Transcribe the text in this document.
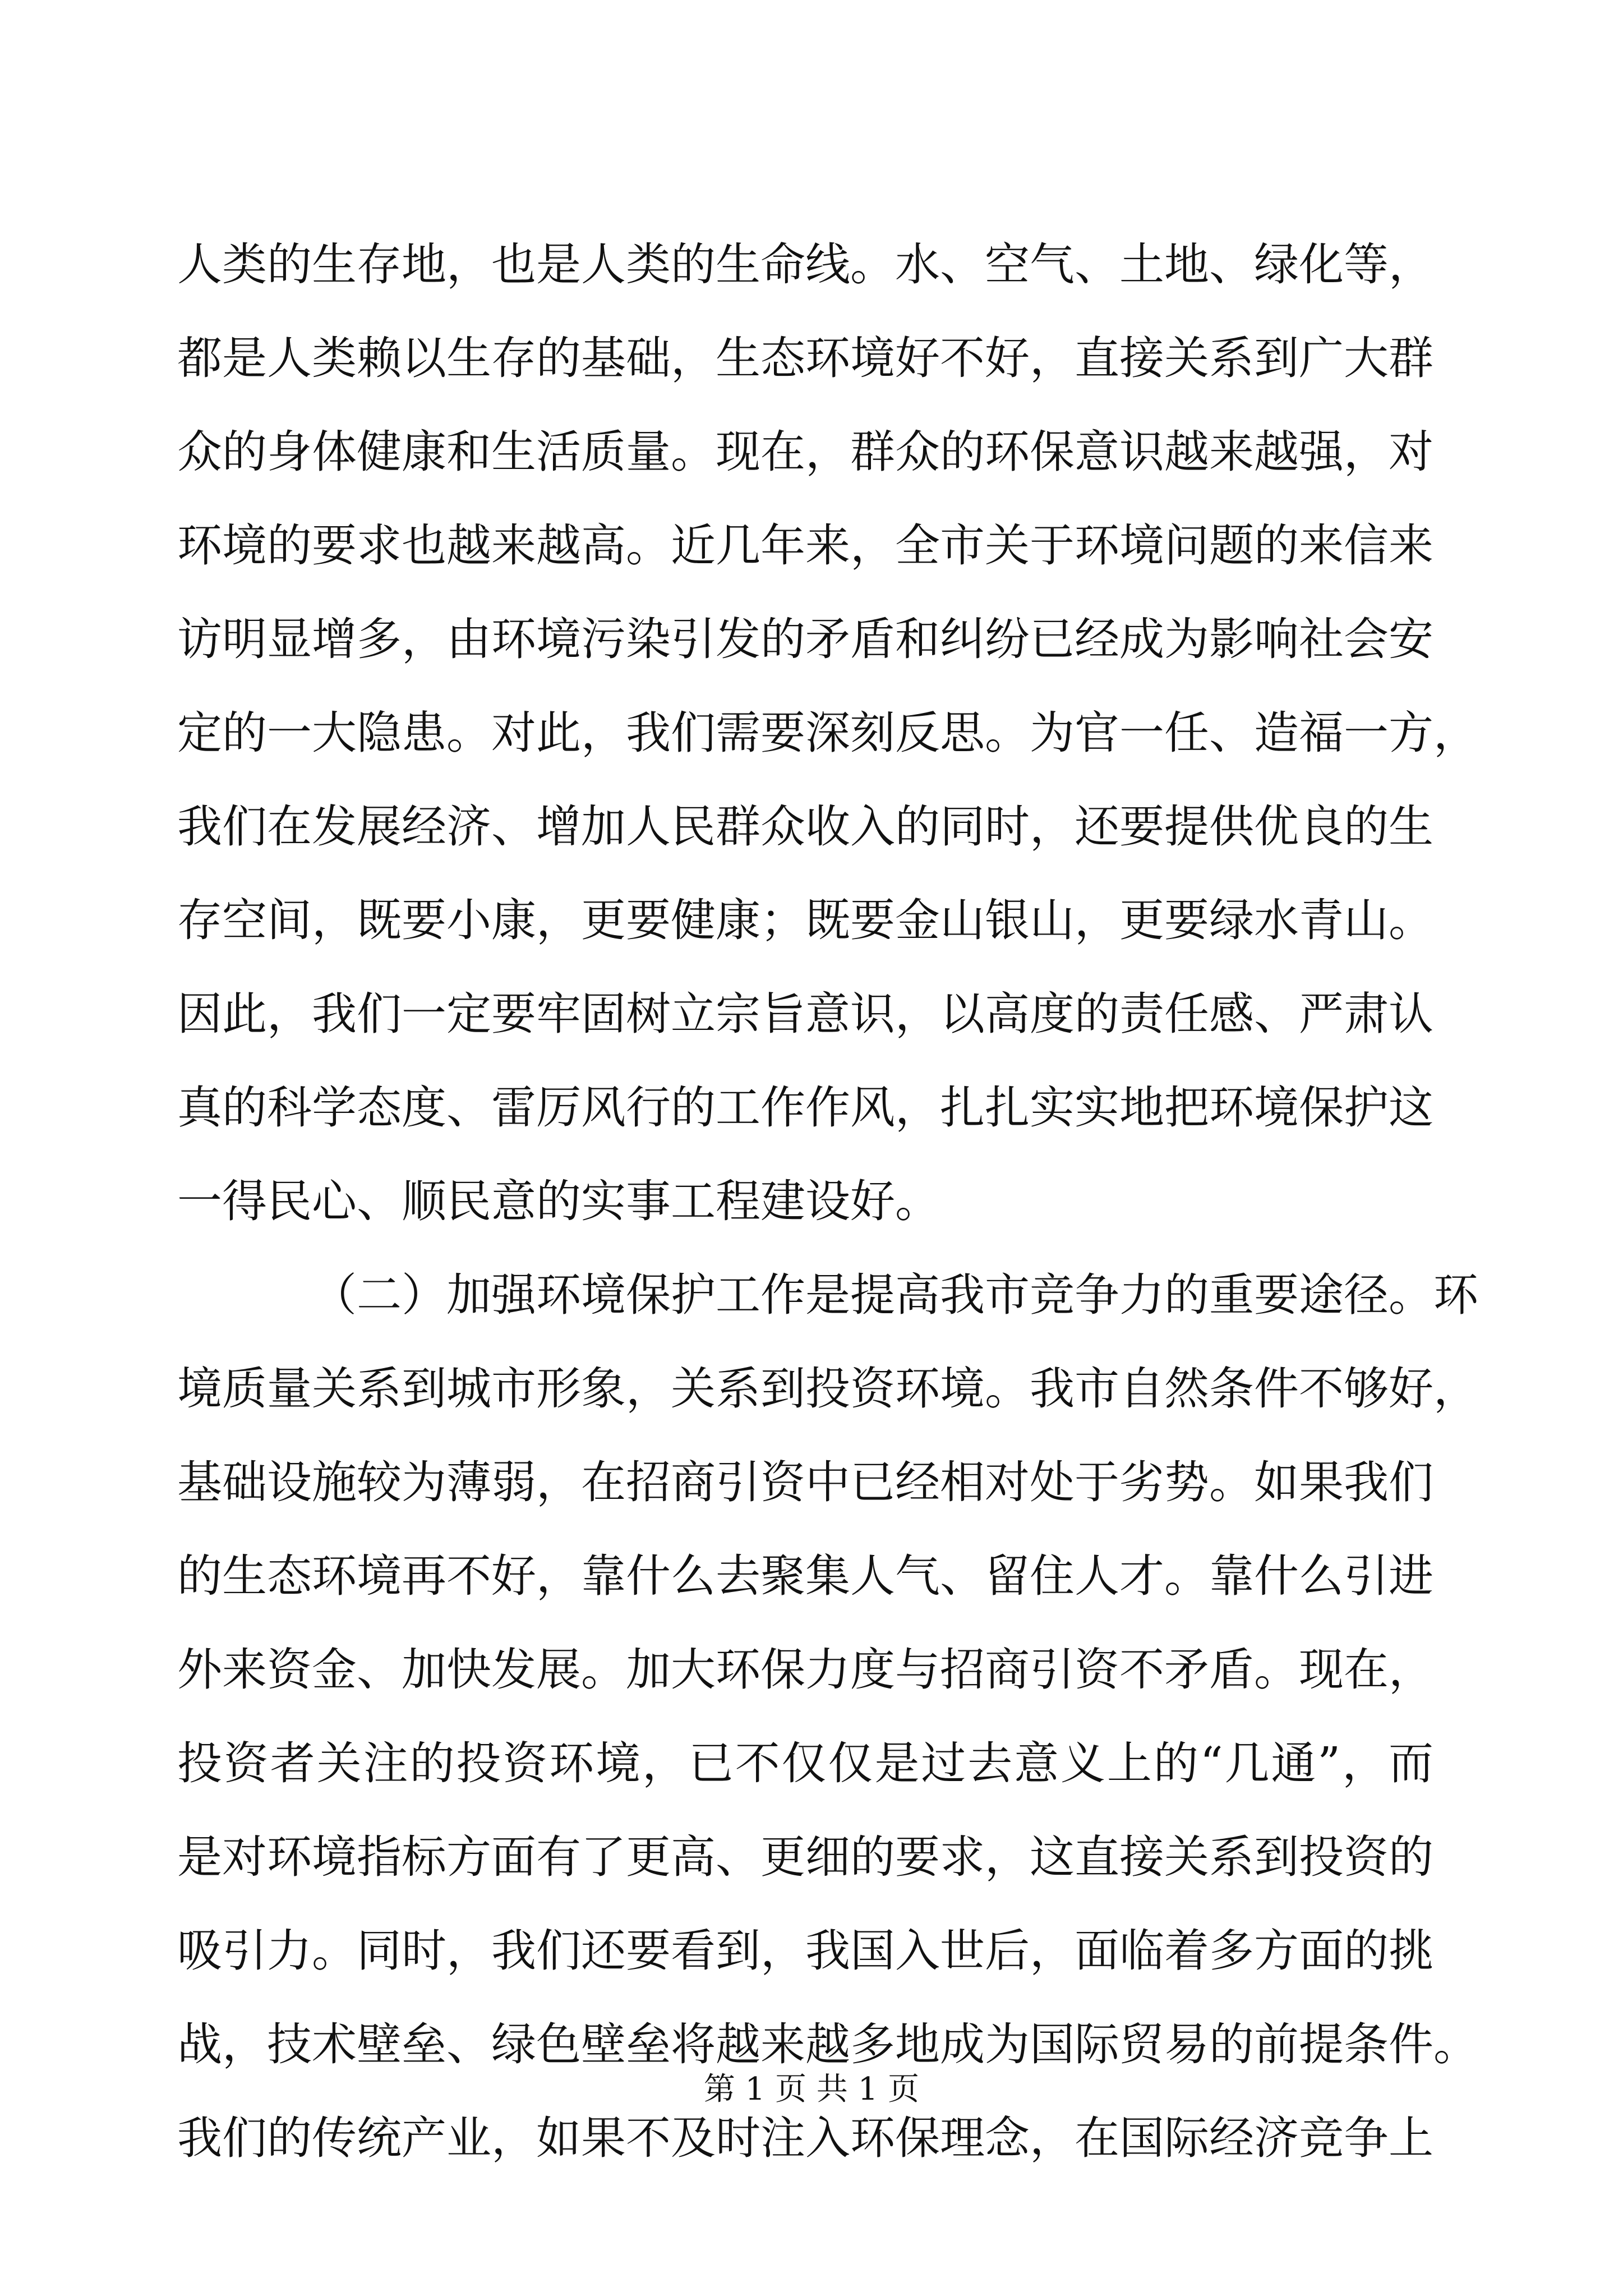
人类的生存地，也是人类的生命线。水、空气、土地、绿化等，
都是人类赖以生存的基础，生态环境好不好，直接关系到广大群
众的身体健康和生活质量。现在，群众的环保意识越来越强，对
环境的要求也越来越高。近几年来，全市关于环境问题的来信来
访明显增多，由环境污染引发的矛盾和纠纷已经成为影响社会安
定的一大隐患。对此，我们需要深刻反思。为官一任、造福一方，
我们在发展经济、增加人民群众收入的同时，还要提供优良的生
存空间，既要小康，更要健康；既要金山银山，更要绿水青山。
因此，我们一定要牢固树立宗旨意识，以高度的责任感、严肃认
真的科学态度、雷厉风行的工作作风，扎扎实实地把环境保护这
一得民心、顺民意的实事工程建设好。
（二）加强环境保护工作是提高我市竞争力的重要途径。环
境质量关系到城市形象，关系到投资环境。我市自然条件不够好，
基础设施较为薄弱，在招商引资中已经相对处于劣势。如果我们
的生态环境再不好，靠什么去聚集人气、留住人才。靠什么引进
外来资金、加快发展。加大环保力度与招商引资不矛盾。现在，
投资者关注的投资环境，已不仅仅是过去意义上的“几通”，而
是对环境指标方面有了更高、更细的要求，这直接关系到投资的
吸引力。同时，我们还要看到，我国入世后，面临着多方面的挑
战，技术壁垒、绿色壁垒将越来越多地成为国际贸易的前提条件。
我们的传统产业，如果不及时注入环保理念，在国际经济竞争上
第 1 页 共 1 页
